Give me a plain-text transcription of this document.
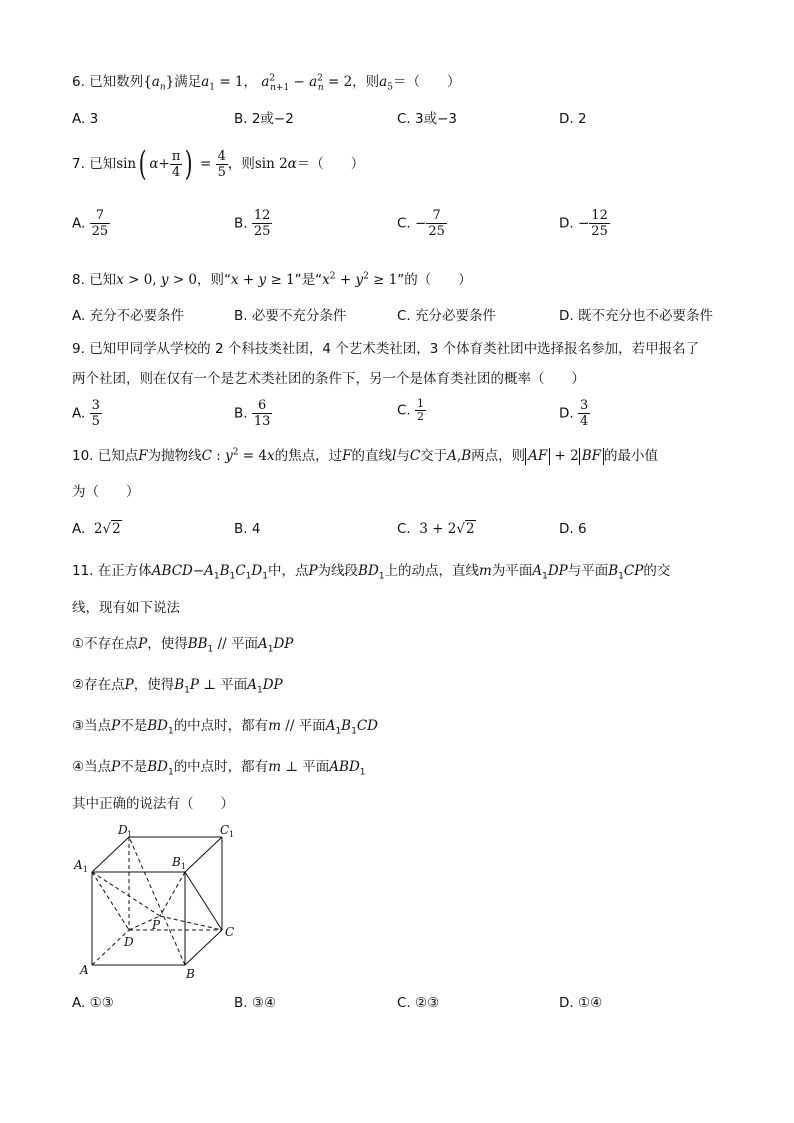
6. 已知数列$\{a_n\}$满足$a_1 = 1$， $a^2_{n+1} - a^2_n = 2$，则$a_5=$（　　）
A. 3	B. 2或−2	C. 3或−3	D. 2
7. 已知sin( $\alpha+ \frac{\pi}{4}$ ) = $\frac{4}{5}$ ，则sin 2α＝（　　）
A. $\frac{7}{25}$	B. $\frac{12}{25}$	C. − $\frac{7}{25}$	D. − $\frac{12}{25}$
8. 已知x > 0, y > 0，则“x + y ≥ 1”是“$x^2 + y^2 \ge 1$”的（　　）
A. 充分不必要条件	B. 必要不充分条件	C. 充分必要条件	D. 既不充分也不必要条件
9. 已知甲同学从学校的 2 个科技类社团，4 个艺术类社团，3 个体育类社团中选择报名参加，若甲报名了
两个社团，则在仅有一个是艺术类社团的条件下，另一个是体育类社团的概率（　　）
A. $\frac{3}{5}$	B. $\frac{6}{13}$	C. $\frac{1}{2}$	D. $\frac{3}{4}$
10. 已知点F为抛物线C : $y^2 = 4x$的焦点，过F的直线l与C交于A,B两点，则 AF + 2 BF 的最小值
为（　　）
A. 2√2	B. 4	C. 3 + 2√2	D. 6
11. 在正方体$ABCD-A_1B_1C_1D_1$中，点P为线段$BD_1$上的动点，直线m为平面$A_1DP$与平面$B_1CP$的交
线，现有如下说法
①不存在点P，使得$BB_1$ // 平面$A_1DP$
②存在点P，使得$B_1P$ ⊥ 平面$A_1DP$
③当点P不是$BD_1$的中点时，都有m // 平面$A_1B_1CD$
④当点P不是$BD_1$的中点时，都有m ⊥ 平面$ABD_1$
其中正确的说法有（　　）
D 1	C 1
A 1
B 1
P
D
C
A	B
A. ①③	B. ③④	C. ②③	D. ①④
